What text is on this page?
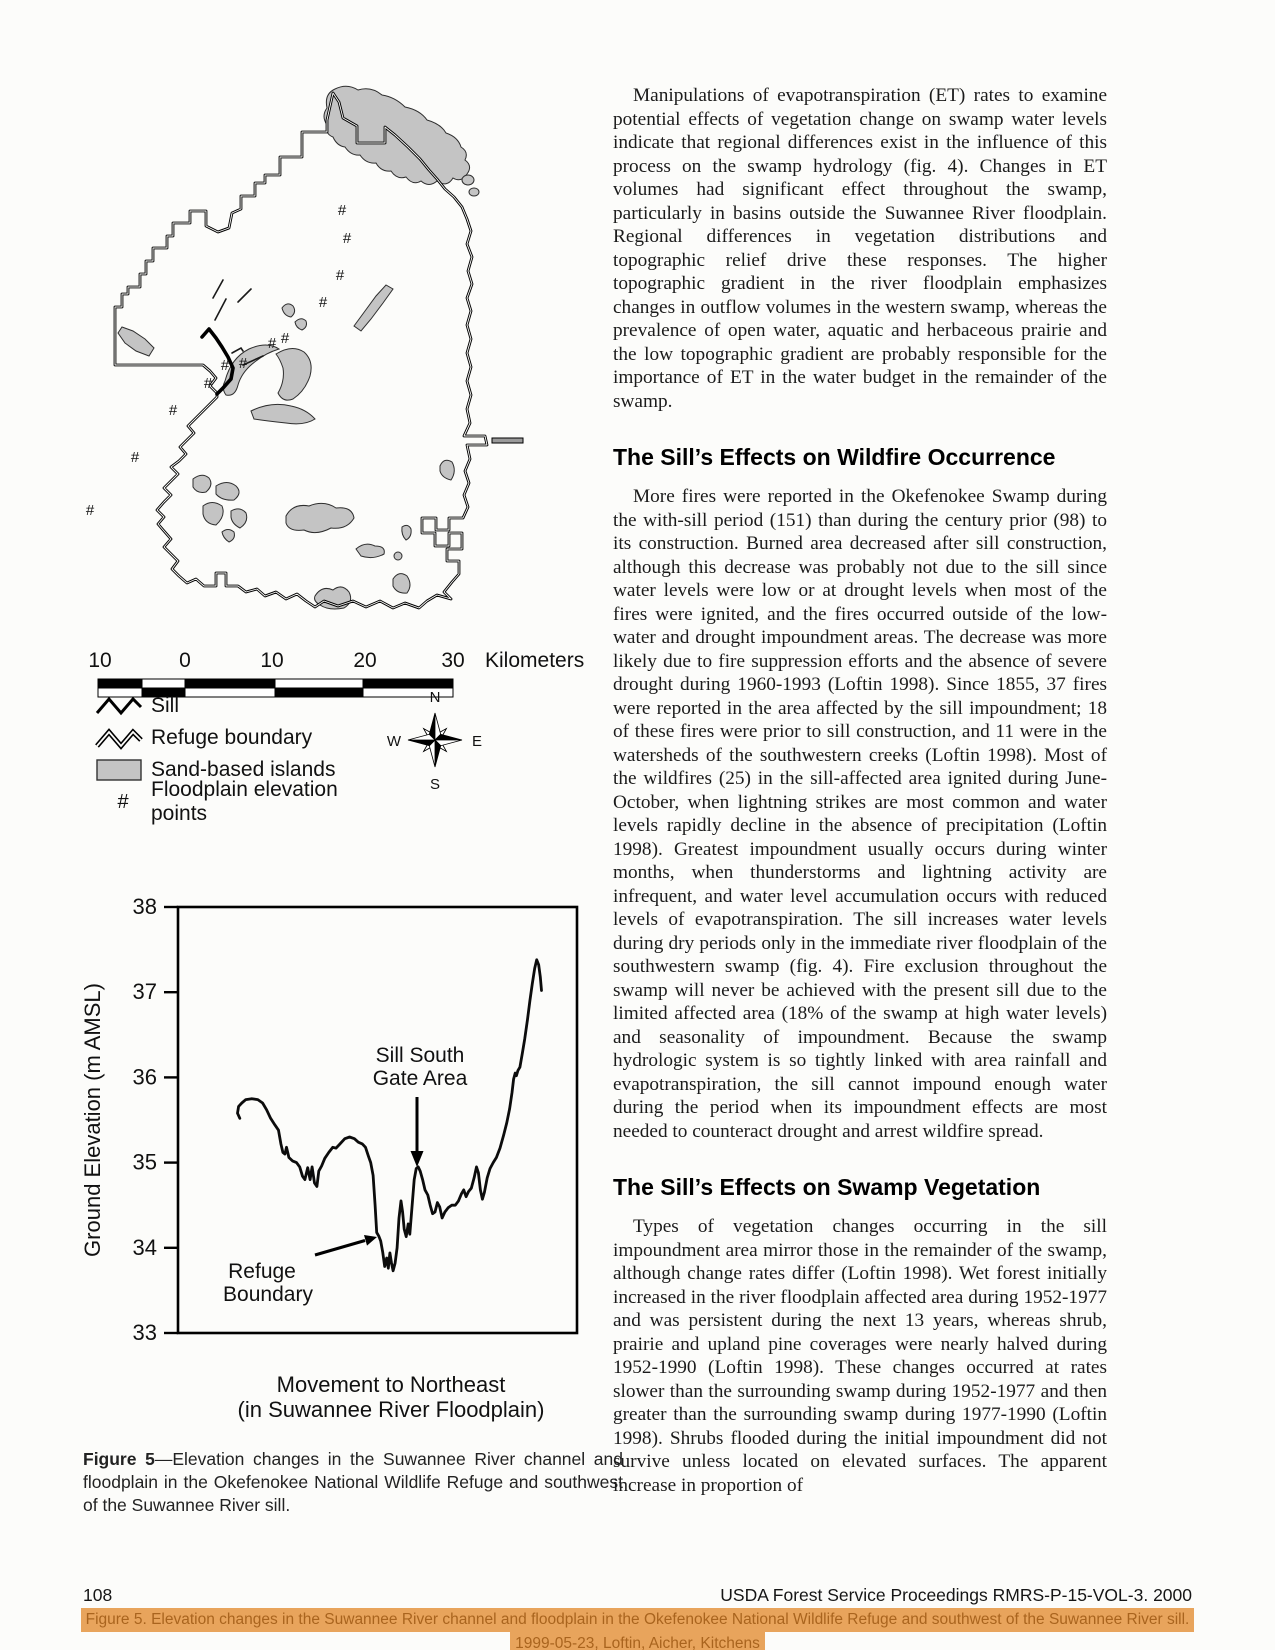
#
#
#
#
#
#
#
#
#
#
#
#
10	0	10	20	30 Kilometers
Sill
Refuge boundary
Sand-based islands
#
Floodplain elevation points
N
W	E
S
38
37
36
35
34
33
Ground Elevation (m AMSL)	Sill South
Gate Area
Refuge
Boundary
Movement to Northeast
(in Suwannee River Floodplain)
Figure 5—Elevation changes in the Suwannee River channel and floodplain in the Okefenokee National Wildlife Refuge and southwest of the Suwannee River sill.

Manipulations of evapotranspiration (ET) rates to examine potential effects of vegetation change on swamp water levels indicate that regional differences exist in the influence of this process on the swamp hydrology (fig. 4). Changes in ET volumes had significant effect throughout the swamp, particularly in basins outside the Suwannee River floodplain. Regional differences in vegetation distributions and topographic relief drive these responses. The higher topographic gradient in the river floodplain emphasizes changes in outflow volumes in the western swamp, whereas the prevalence of open water, aquatic and herbaceous prairie and the low topographic gradient are probably responsible for the importance of ET in the water budget in the remainder of the swamp.

The Sill’s Effects on Wildfire Occurrence

More fires were reported in the Okefenokee Swamp during the with-sill period (151) than during the century prior (98) to its construction. Burned area decreased after sill construction, although this decrease was probably not due to the sill since water levels were low or at drought levels when most of the fires were ignited, and the fires occurred outside of the low-water and drought impoundment areas. The decrease was more likely due to fire suppression efforts and the absence of severe drought during 1960-1993 (Loftin 1998). Since 1855, 37 fires were reported in the area affected by the sill impoundment; 18 of these fires were prior to sill construction, and 11 were in the watersheds of the southwestern creeks (Loftin 1998). Most of the wildfires (25) in the sill-affected area ignited during June-October, when lightning strikes are most common and water levels rapidly decline in the absence of precipitation (Loftin 1998). Greatest impoundment usually occurs during winter months, when thunderstorms and lightning activity are infrequent, and water level accumulation occurs with reduced levels of evapotranspiration. The sill increases water levels during dry periods only in the immediate river floodplain of the southwestern swamp (fig. 4). Fire exclusion throughout the swamp will never be achieved with the present sill due to the limited affected area (18% of the swamp at high water levels) and seasonality of impoundment. Because the swamp hydrologic system is so tightly linked with area rainfall and evapotranspiration, the sill cannot impound enough water during the period when its impoundment effects are most needed to counteract drought and arrest wildfire spread.

The Sill’s Effects on Swamp Vegetation

Types of vegetation changes occurring in the sill impoundment area mirror those in the remainder of the swamp, although change rates differ (Loftin 1998). Wet forest initially increased in the river floodplain affected area during 1952-1977 and was persistent during the next 13 years, whereas shrub, prairie and upland pine coverages were nearly halved during 1952-1990 (Loftin 1998). These changes occurred at rates slower than the surrounding swamp during 1952-1977 and then greater than the surrounding swamp during 1977-1990 (Loftin 1998). Shrubs flooded during the initial impoundment did not survive unless located on elevated surfaces. The apparent increase in proportion of

108	USDA Forest Service Proceedings RMRS-P-15-VOL-3. 2000
Figure 5. Elevation changes in the Suwannee River channel and floodplain in the Okefenokee National Wildlife Refuge and southwest of the Suwannee River sill.
1999-05-23, Loftin, Aicher, Kitchens
